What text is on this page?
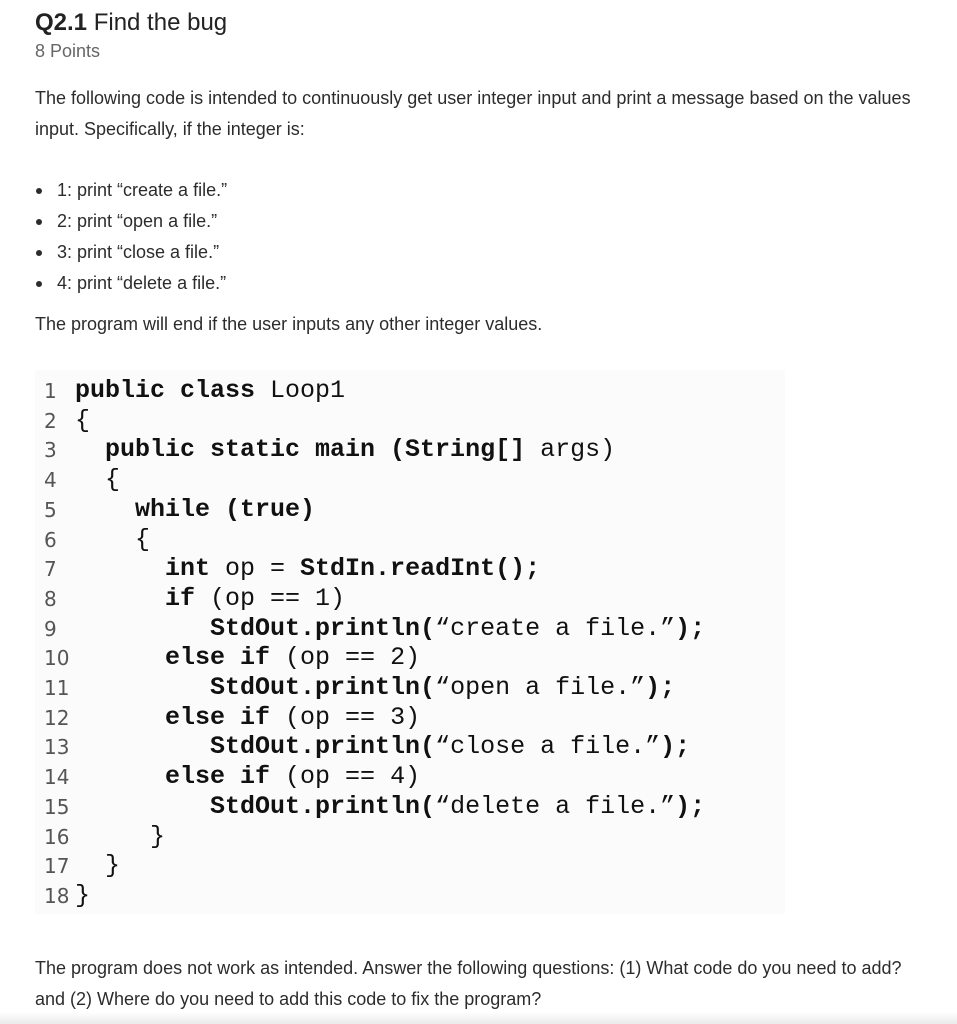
Q2.1 Find the bug
8 Points
The following code is intended to continuously get user integer input and print a message based on the values input. Specifically, if the integer is:
1: print “create a file.”
2: print “open a file.”
3: print “close a file.”
4: print “delete a file.”
The program will end if the user inputs any other integer values.
1 public class Loop1
2 {
3 public static main (String[] args)
4 {
5 while (true)
6 {
7 int op = StdIn.readInt();
8 if (op == 1)
9 StdOut.println(“create a file.”);
10 else if (op == 2)
11 StdOut.println(“open a file.”);
12 else if (op == 3)
13 StdOut.println(“close a file.”);
14 else if (op == 4)
15 StdOut.println(“delete a file.”);
16 }
17 }
18 }
The program does not work as intended. Answer the following questions: (1) What code do you need to add? and (2) Where do you need to add this code to fix the program?
